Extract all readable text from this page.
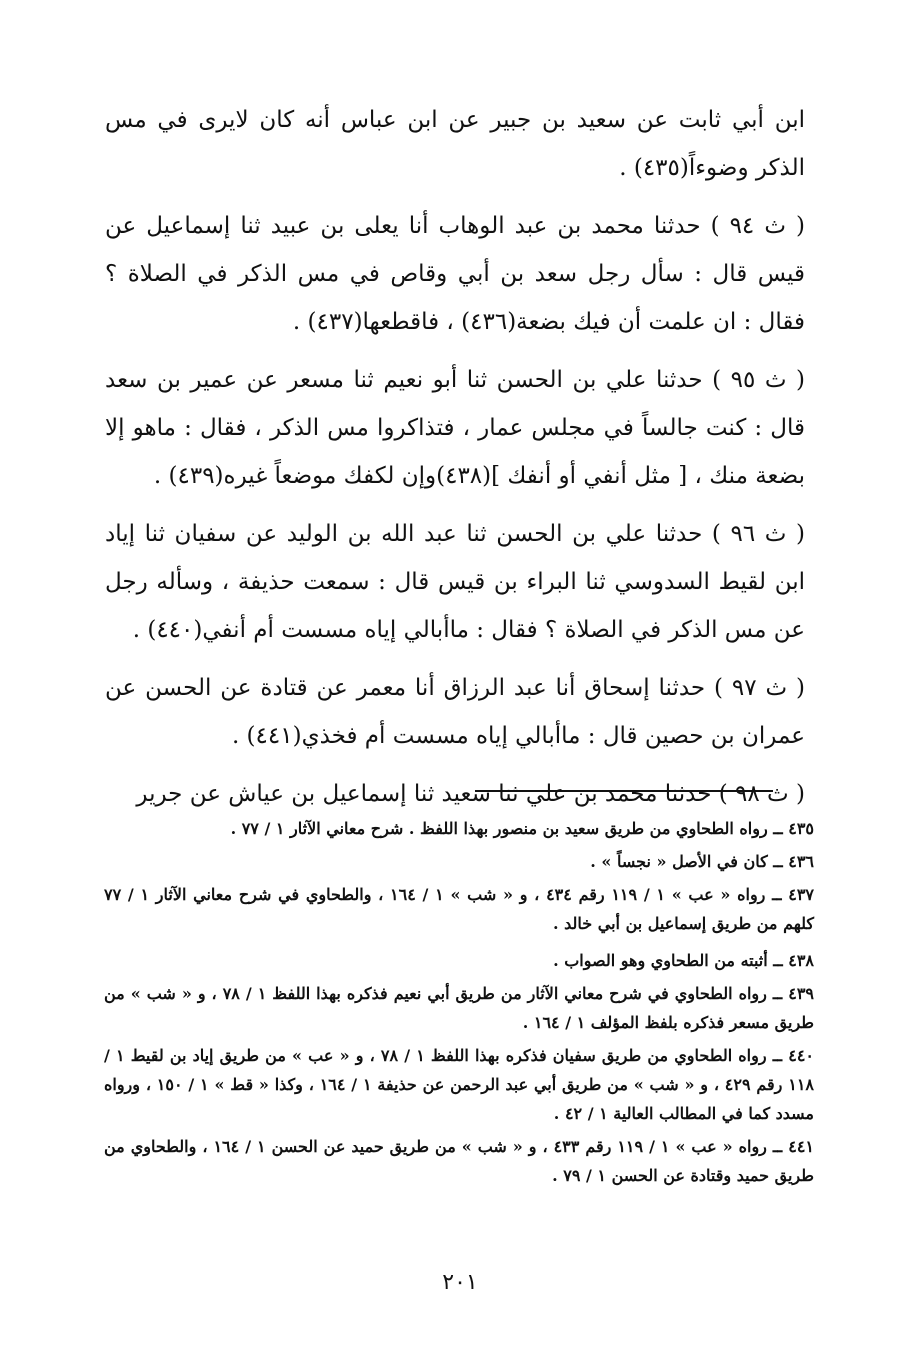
ابن أبي ثابت عن سعيد بن جبير عن ابن عباس أنه كان لايرى في مس الذكر وضوءاً(٤٣٥) .

( ث ٩٤ ) حدثنا محمد بن عبد الوهاب أنا يعلى بن عبيد ثنا إسماعيل عن قيس قال : سأل رجل سعد بن أبي وقاص في مس الذكر في الصلاة ؟ فقال : ان علمت أن فيك بضعة(٤٣٦) ، فاقطعها(٤٣٧) .

( ث ٩٥ ) حدثنا علي بن الحسن ثنا أبو نعيم ثنا مسعر عن عمير بن سعد قال : كنت جالساً في مجلس عمار ، فتذاكروا مس الذكر ، فقال : ماهو إلا بضعة منك ، [ مثل أنفي أو أنفك ](٤٣٨)وإن لكفك موضعاً غيره(٤٣٩) .

( ث ٩٦ ) حدثنا علي بن الحسن ثنا عبد الله بن الوليد عن سفيان ثنا إياد ابن لقيط السدوسي ثنا البراء بن قيس قال : سمعت حذيفة ، وسأله رجل عن مس الذكر في الصلاة ؟ فقال : ماأبالي إياه مسست أم أنفي(٤٤٠) .

( ث ٩٧ ) حدثنا إسحاق أنا عبد الرزاق أنا معمر عن قتادة عن الحسن عن عمران بن حصين قال : ماأبالي إياه مسست أم فخذي(٤٤١) .

( ث ٩٨ ) حدثنا محمد بن علي ثنا سعيد ثنا إسماعيل بن عياش عن جرير

٤٣٥ ــ رواه الطحاوي من طريق سعيد بن منصور بهذا اللفظ . شرح معاني الآثار ١ / ٧٧ .

٤٣٦ ــ كان في الأصل « نجساً » .

٤٣٧ ــ رواه « عب » ١ / ١١٩ رقم ٤٣٤ ، و « شب » ١ / ١٦٤ ، والطحاوي في شرح معاني الآثار ١ / ٧٧ كلهم من طريق إسماعيل بن أبي خالد .

٤٣٨ ــ أثبته من الطحاوي وهو الصواب .

٤٣٩ ــ رواه الطحاوي في شرح معاني الآثار من طريق أبي نعيم فذكره بهذا اللفظ ١ / ٧٨ ، و « شب » من طريق مسعر فذكره بلفظ المؤلف ١ / ١٦٤ .

٤٤٠ ــ رواه الطحاوي من طريق سفيان فذكره بهذا اللفظ ١ / ٧٨ ، و « عب » من طريق إياد بن لقيط ١ / ١١٨ رقم ٤٢٩ ، و « شب » من طريق أبي عبد الرحمن عن حذيفة ١ / ١٦٤ ، وكذا « قط » ١ / ١٥٠ ، ورواه مسدد كما في المطالب العالية ١ / ٤٢ .

٤٤١ ــ رواه « عب » ١ / ١١٩ رقم ٤٣٣ ، و « شب » من طريق حميد عن الحسن ١ / ١٦٤ ، والطحاوي من طريق حميد وقتادة عن الحسن ١ / ٧٩ .

٢٠١
